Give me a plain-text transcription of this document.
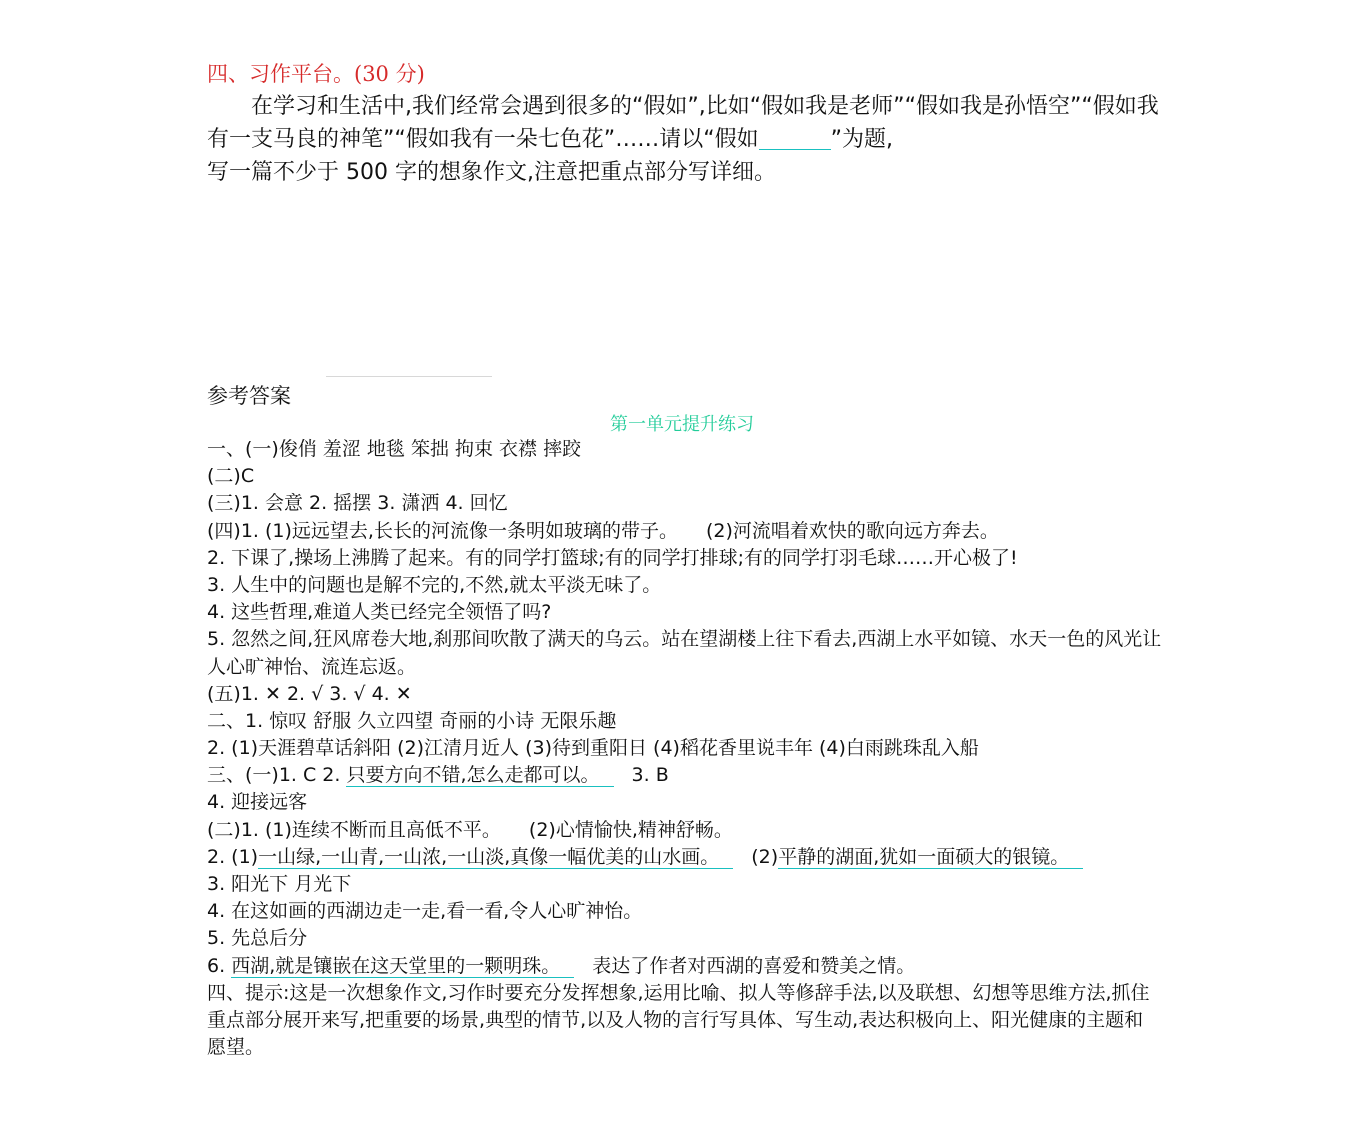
四、习作平台。(30 分)
在学习和生活中,我们经常会遇到很多的“假如”,比如“假如我是老师”“假如我是孙悟空”“假如我有一支马良的神笔”“假如我有一朵七色花”……请以“假如	”为题,
写一篇不少于 500 字的想象作文,注意把重点部分写详细。
参考答案
第一单元提升练习
一、(一)俊俏 羞涩 地毯 笨拙 拘束 衣襟 摔跤
(二)C
(三)1. 会意 2. 摇摆 3. 潇洒 4. 回忆
(四)1. (1)远远望去,长长的河流像一条明如玻璃的带子。 (2)河流唱着欢快的歌向远方奔去。
2. 下课了,操场上沸腾了起来。有的同学打篮球;有的同学打排球;有的同学打羽毛球……开心极了!
3. 人生中的问题也是解不完的,不然,就太平淡无味了。
4. 这些哲理,难道人类已经完全领悟了吗?
5. 忽然之间,狂风席卷大地,刹那间吹散了满天的乌云。站在望湖楼上往下看去,西湖上水平如镜、水天一色的风光让人心旷神怡、流连忘返。
(五)1. ✕ 2. √ 3. √ 4. ✕
二、1. 惊叹 舒服 久立四望 奇丽的小诗 无限乐趣
2. (1)天涯碧草话斜阳 (2)江清月近人 (3)待到重阳日 (4)稻花香里说丰年 (4)白雨跳珠乱入船
三、(一)1. C 2. 只要方向不错,怎么走都可以。 3. B
4. 迎接远客
(二)1. (1)连续不断而且高低不平。 (2)心情愉快,精神舒畅。
2. (1)一山绿,一山青,一山浓,一山淡,真像一幅优美的山水画。 (2)平静的湖面,犹如一面硕大的银镜。
3. 阳光下 月光下
4. 在这如画的西湖边走一走,看一看,令人心旷神怡。
5. 先总后分
6. 西湖,就是镶嵌在这天堂里的一颗明珠。 表达了作者对西湖的喜爱和赞美之情。
四、提示:这是一次想象作文,习作时要充分发挥想象,运用比喻、拟人等修辞手法,以及联想、幻想等思维方法,抓住重点部分展开来写,把重要的场景,典型的情节,以及人物的言行写具体、写生动,表达积极向上、阳光健康的主题和愿望。
